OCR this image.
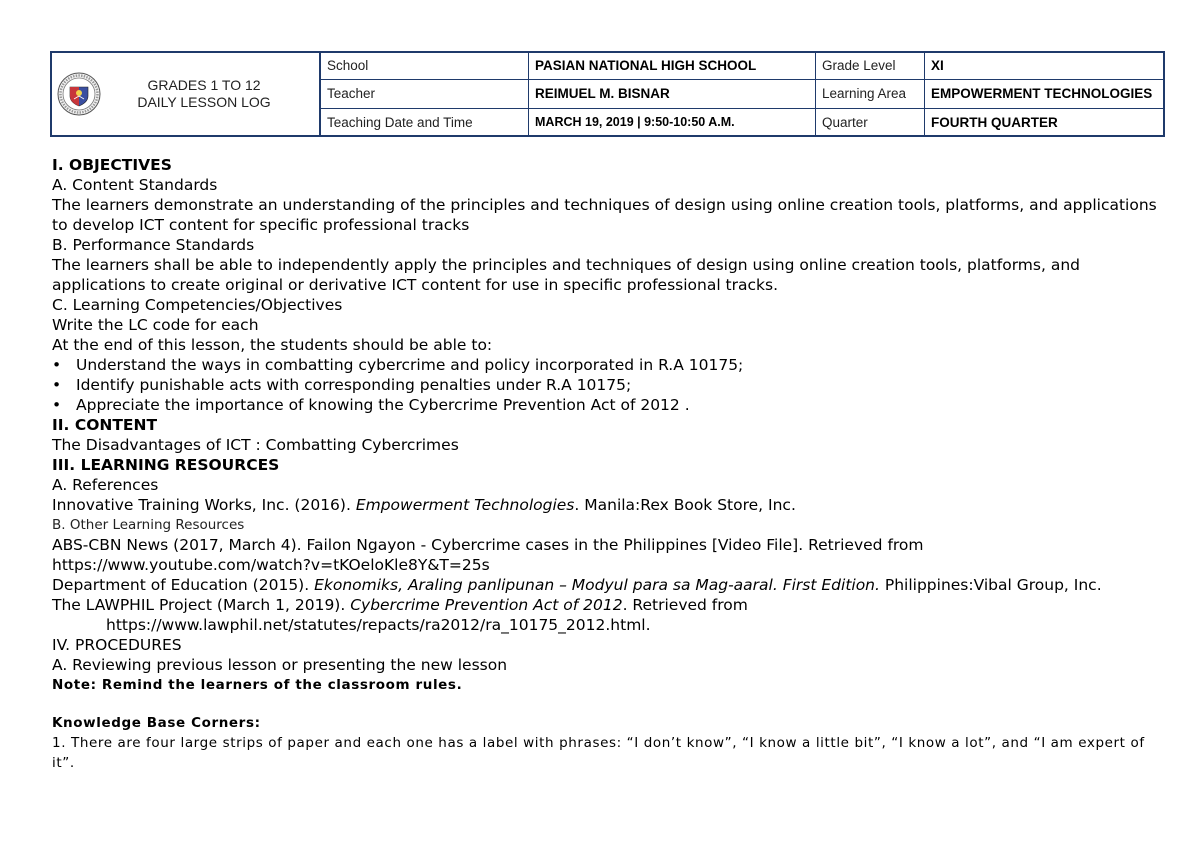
GRADES 1 TO 12
DAILY LESSON LOG
School	PASIAN NATIONAL HIGH SCHOOL	Grade Level	XI
Teacher	REIMUEL M. BISNAR	Learning Area	EMPOWERMENT TECHNOLOGIES
Teaching Date and Time	MARCH 19, 2019 | 9:50-10:50 A.M.	Quarter	FOURTH QUARTER

I. OBJECTIVES

A. Content Standards

The learners demonstrate an understanding of the principles and techniques of design using online creation tools, platforms, and applications to develop ICT content for specific professional tracks

B. Performance Standards

The learners shall be able to independently apply the principles and techniques of design using online creation tools, platforms, and applications to create original or derivative ICT content for use in specific professional tracks.

C. Learning Competencies/Objectives

Write the LC code for each

At the end of this lesson, the students should be able to:

• Understand the ways in combatting cybercrime and policy incorporated in R.A 10175;
• Identify punishable acts with corresponding penalties under R.A 10175;
• Appreciate the importance of knowing the Cybercrime Prevention Act of 2012 .

II. CONTENT

The Disadvantages of ICT : Combatting Cybercrimes

III. LEARNING RESOURCES

A. References

Innovative Training Works, Inc. (2016). Empowerment Technologies. Manila:Rex Book Store, Inc.

B. Other Learning Resources

ABS-CBN News (2017, March 4). Failon Ngayon - Cybercrime cases in the Philippines [Video File]. Retrieved from

https://www.youtube.com/watch?v=tKOeloKle8Y&T=25s

Department of Education (2015). Ekonomiks, Araling panlipunan – Modyul para sa Mag-aaral. First Edition. Philippines:Vibal Group, Inc.

The LAWPHIL Project (March 1, 2019). Cybercrime Prevention Act of 2012. Retrieved from

https://www.lawphil.net/statutes/repacts/ra2012/ra_10175_2012.html.

IV. PROCEDURES

A. Reviewing previous lesson or presenting the new lesson

Note: Remind the learners of the classroom rules.

Knowledge Base Corners:

1. There are four large strips of paper and each one has a label with phrases: “I don’t know”, “I know a little bit”, “I know a lot”, and “I am expert of it”.
